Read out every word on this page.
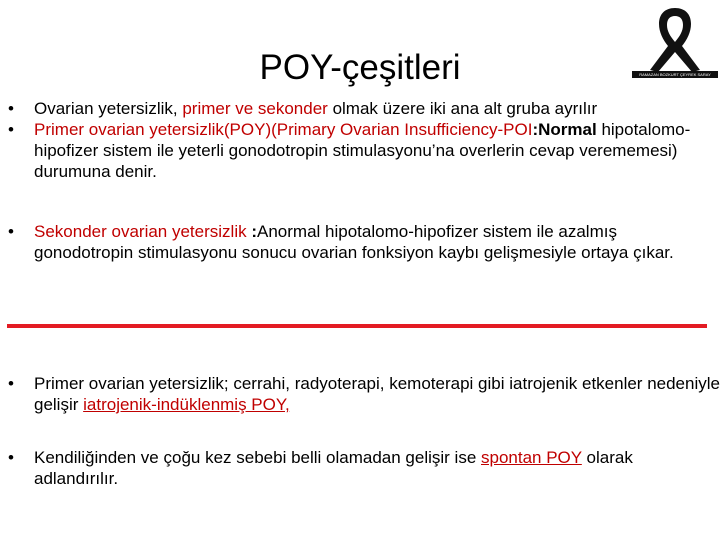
POY-çeşitleri	RAMAZAN BOZKURT ÇEYREK SARAY
• Ovarian yetersizlik, primer ve sekonder olmak üzere iki ana alt gruba ayrılır
• Primer ovarian yetersizlik(POY)(Primary Ovarian Insufficiency-POI:Normal hipotalomo-hipofizer sistem ile yeterli gonodotropin stimulasyonu’na overlerin cevap verememesi) durumuna denir.
• Sekonder ovarian yetersizlik :Anormal hipotalomo-hipofizer sistem ile azalmış gonodotropin stimulasyonu sonucu ovarian fonksiyon kaybı gelişmesiyle ortaya çıkar.
• Primer ovarian yetersizlik; cerrahi, radyoterapi, kemoterapi gibi iatrojenik etkenler nedeniyle gelişir iatrojenik-indüklenmiş POY,
• Kendiliğinden ve çoğu kez sebebi belli olamadan gelişir ise spontan POY olarak adlandırılır.
